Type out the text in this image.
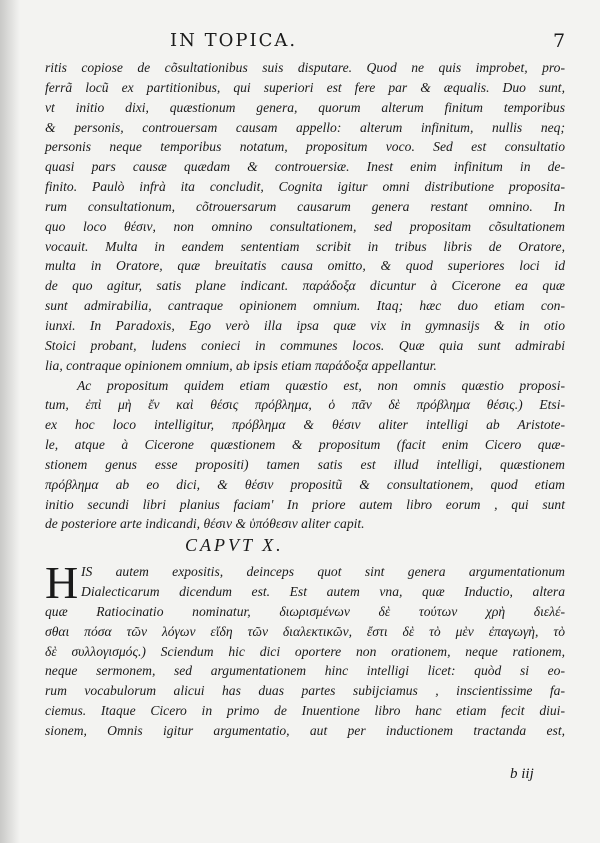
IN TOPICA.	7
ritis copiose de cõsultationibus suis disputare. Quod ne quis improbet, pro-
ferrã locũ ex partitionibus, qui superiori est fere par & æqualis. Duo sunt,
vt initio dixi, quæstionum genera, quorum alterum finitum temporibus
& personis, controuersam causam appello: alterum infinitum, nullis neq;
personis neque temporibus notatum, propositum voco. Sed est consultatio
quasi pars causæ quædam & controuersiæ. Inest enim infinitum in de-
finito. Paulò infrà ita concludit, Cognita igitur omni distributione proposita-
rum consultationum, cõtrouersarum causarum genera restant omnino. In
quo loco θέσιν, non omnino consultationem, sed propositam cõsultationem
vocauit. Multa in eandem sententiam scribit in tribus libris de Oratore,
multa in Oratore, quæ breuitatis causa omitto, & quod superiores loci id
de quo agitur, satis plane indicant. παράδοξα dicuntur à Cicerone ea quæ
sunt admirabilia, cantraque opinionem omnium. Itaq; hæc duo etiam con-
iunxi. In Paradoxis, Ego verò illa ipsa quæ vix in gymnasijs & in otio
Stoici probant, ludens conieci in communes locos. Quæ quia sunt admirabi
lia, contraque opinionem omnium, ab ipsis etiam παράδοξα appellantur.
Ac propositum quidem etiam quæstio est, non omnis quæstio proposi-
tum, ἐπὶ μὴ ἔν καὶ θέσις πρόβλημα, ὁ πᾶν δὲ πρόβλημα θέσις.) Etsi-
ex hoc loco intelligitur, πρόβλημα & θέσιν aliter intelligi ab Aristote-
le, atque à Cicerone quæstionem & propositum (facit enim Cicero quæ-
stionem genus esse propositi) tamen satis est illud intelligi, quæstionem
πρόβλημα ab eo dici, & θέσιν propositũ & consultationem, quod etiam
initio secundi libri planius faciam' In priore autem libro eorum , qui sunt
de posteriore arte indicandi, θέσιν & ὑπόθεσιν aliter capit.
CAPVT X.
H IS autem expositis, deinceps quot sint genera argumentationum
Dialecticarum dicendum est. Est autem vna, quæ Inductio, altera
quæ Ratiocinatio nominatur, διωρισμένων δὲ τούτων χρὴ διελέ-
σθαι πόσα τῶν λόγων εἴδη τῶν διαλεκτικῶν, ἔστι δὲ τὸ μὲν ἐπαγωγὴ, τὸ
δὲ συλλογισμός.) Sciendum hic dici oportere non orationem, neque rationem,
neque sermonem, sed argumentationem hinc intelligi licet: quòd si eo-
rum vocabulorum alicui has duas partes subijciamus , inscientissime fa-
ciemus. Itaque Cicero in primo de Inuentione libro hanc etiam fecit diui-
sionem, Omnis igitur argumentatio, aut per inductionem tractanda est,
b iij
